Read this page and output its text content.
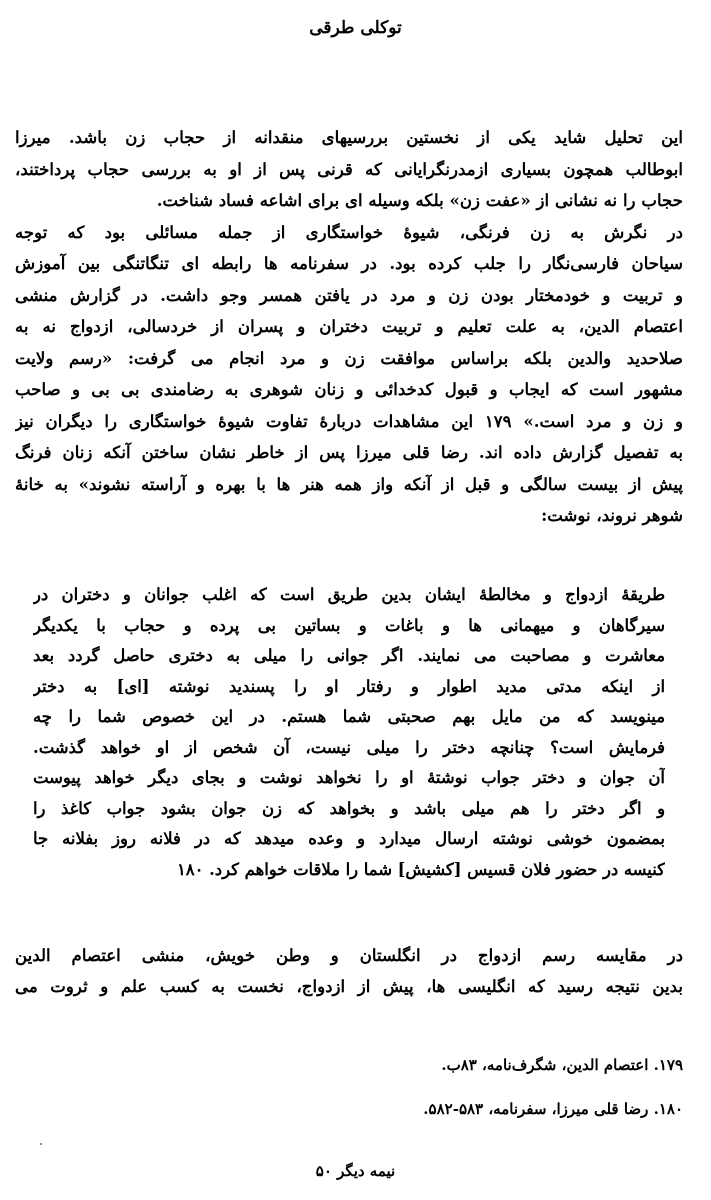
توکلی طرقی
این تحلیل شاید یکی از نخستین بررسیهای منقدانه از حجاب زن باشد. میرزا
ابوطالب همچون بسیاری ازمدرنگرایانی که قرنی پس از او به بررسی حجاب پرداختند،
حجاب را نه نشانی از «عفت زن» بلکه وسیله ای برای اشاعه فساد شناخت.
در نگرش به زن فرنگی، شیوهٔ خواستگاری از جمله مسائلی بود که توجه
سیاحان فارسی‌نگار را جلب کرده بود. در سفرنامه ها رابطه ای تنگاتنگی بین آموزش
و تربیت و خودمختار بودن زن و مرد در یافتن همسر وجو داشت. در گزارش منشی
اعتصام الدین، به علت تعلیم و تربیت دختران و پسران از خردسالی، ازدواج نه به
صلاحدید والدین بلکه براساس موافقت زن و مرد انجام می گرفت: «رسم ولایت
مشهور است که ایجاب و قبول کدخدائی و زنان شوهری به رضامندی بی بی و صاحب
و زن و مرد است.» ۱۷۹ این مشاهدات دربارهٔ تفاوت شیوهٔ خواستگاری را دیگران نیز
به تفصیل گزارش داده اند. رضا قلی میرزا پس از خاطر نشان ساختن آنکه زنان فرنگ
پیش از بیست سالگی و قبل از آنکه واز همه هنر ها با بهره و آراسته نشوند» به خانهٔ
شوهر نروند، نوشت:
طریقهٔ ازدواج و مخالطهٔ ایشان بدین طریق است که اغلب جوانان و دختران در
سیرگاهان و میهمانی ها و باغات و بساتین بی پرده و حجاب با یکدیگر
معاشرت و مصاحبت می نمایند. اگر جوانی را میلی به دختری حاصل گردد بعد
از اینکه مدتی مدید اطوار و رفتار او را پسندید نوشته [ای] به دختر
مینویسد که من مایل بهم صحبتی شما هستم. در این خصوص شما را چه
فرمایش است؟ چنانچه دختر را میلی نیست، آن شخص از او خواهد گذشت.
آن جوان و دختر جواب نوشتهٔ او را نخواهد نوشت و بجای دیگر خواهد پیوست
و اگر دختر را هم میلی باشد و بخواهد که زن جوان بشود جواب کاغذ را
بمضمون خوشی نوشته ارسال میدارد و وعده میدهد که در فلانه روز بفلانه جا
کنیسه در حضور فلان قسیس [کشیش] شما را ملاقات خواهم کرد. ۱۸۰
در مقایسه رسم ازدواج در انگلستان و وطن خویش، منشی اعتصام الدین
بدین نتیجه رسید که انگلیسی ها، پیش از ازدواج، نخست به کسب علم و ثروت می
۱۷۹. اعتصام الدین، شگرف‌نامه، ۸۳ب.
۱۸۰. رضا قلی میرزا، سفرنامه، ۵۸۳-۵۸۲.
نیمه دیگر ۵۰
